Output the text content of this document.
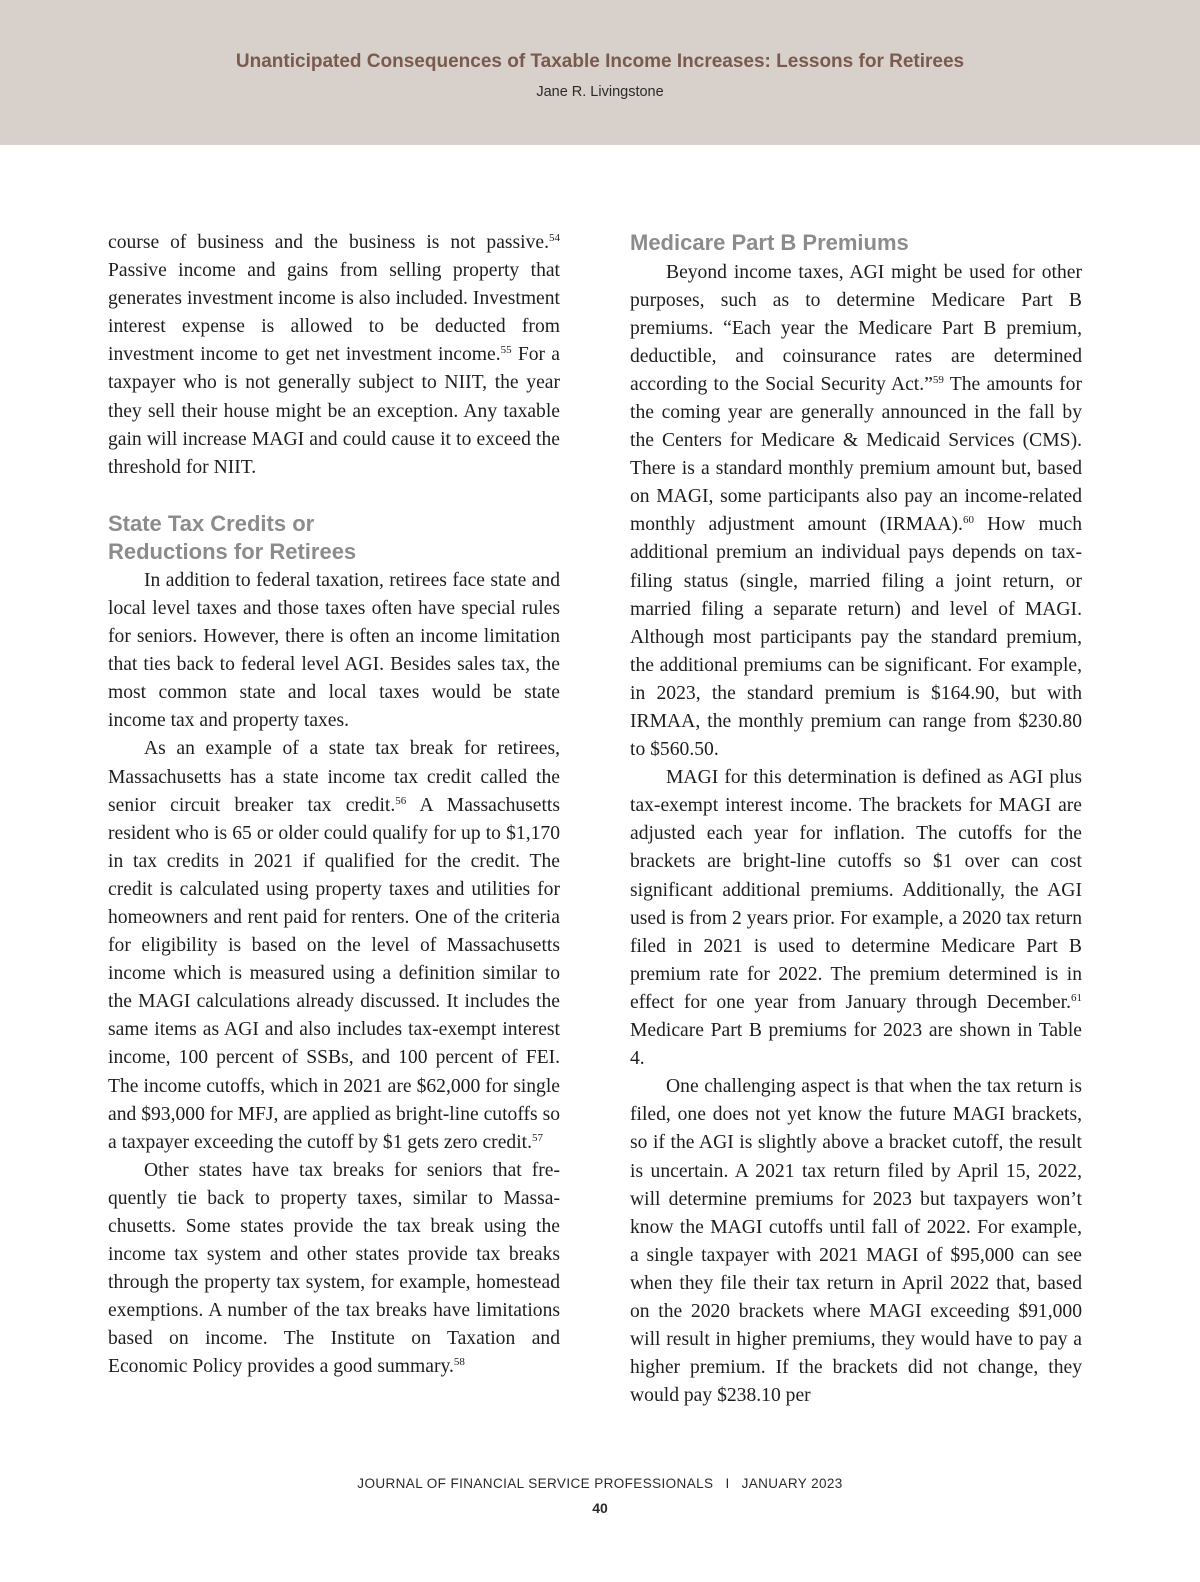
Unanticipated Consequences of Taxable Income Increases: Lessons for Retirees
Jane R. Livingstone

course of business and the business is not passive.$^{54}$ Passive income and gains from selling property that generates investment income is also included. Investment interest expense is allowed to be deducted from investment income to get net investment income.$^{55}$ For a taxpayer who is not generally subject to NIIT, the year they sell their house might be an exception. Any taxable gain will increase MAGI and could cause it to exceed the threshold for NIIT.

State Tax Credits or
Reductions for Retirees

In addition to federal taxation, retirees face state and local level taxes and those taxes often have special rules for seniors. However, there is often an income limitation that ties back to federal level AGI. Besides sales tax, the most common state and local taxes would be state income tax and property taxes.

As an example of a state tax break for retirees, Massachusetts has a state income tax credit called the senior circuit breaker tax credit.$^{56}$ A Massachusetts resident who is 65 or older could qualify for up to $1,170 in tax credits in 2021 if qualified for the credit. The credit is calculated using property taxes and utilities for homeowners and rent paid for renters. One of the criteria for eligibility is based on the level of Massachusetts income which is measured using a definition similar to the MAGI calculations already discussed. It includes the same items as AGI and also includes tax-exempt interest income, 100 percent of SSBs, and 100 percent of FEI. The income cutoffs, which in 2021 are $62,000 for single and $93,000 for MFJ, are applied as bright-line cutoffs so a taxpayer exceeding the cutoff by $1 gets zero credit.$^{57}$

Other states have tax breaks for seniors that frequently tie back to property taxes, similar to Massachusetts. Some states provide the tax break using the income tax system and other states provide tax breaks through the property tax system, for example, homestead exemptions. A number of the tax breaks have limitations based on income. The Institute on Taxation and Economic Policy provides a good summary.$^{58}$

Medicare Part B Premiums

Beyond income taxes, AGI might be used for other purposes, such as to determine Medicare Part B premiums. “Each year the Medicare Part B premium, deductible, and coinsurance rates are determined according to the Social Security Act.”$^{59}$ The amounts for the coming year are generally announced in the fall by the Centers for Medicare & Medicaid Services (CMS). There is a standard monthly premium amount but, based on MAGI, some participants also pay an income-related monthly adjustment amount (IRMAA).$^{60}$ How much additional premium an individual pays depends on tax-filing status (single, married filing a joint return, or married filing a separate return) and level of MAGI. Although most participants pay the standard premium, the additional premiums can be significant. For example, in 2023, the standard premium is $164.90, but with IRMAA, the monthly premium can range from $230.80 to $560.50.

MAGI for this determination is defined as AGI plus tax-exempt interest income. The brackets for MAGI are adjusted each year for inflation. The cutoffs for the brackets are bright-line cutoffs so $1 over can cost significant additional premiums. Additionally, the AGI used is from 2 years prior. For example, a 2020 tax return filed in 2021 is used to determine Medicare Part B premium rate for 2022. The premium determined is in effect for one year from January through December.$^{61}$ Medicare Part B premiums for 2023 are shown in Table 4.

One challenging aspect is that when the tax return is filed, one does not yet know the future MAGI brackets, so if the AGI is slightly above a bracket cutoff, the result is uncertain. A 2021 tax return filed by April 15, 2022, will determine premiums for 2023 but taxpayers won’t know the MAGI cutoffs until fall of 2022. For example, a single taxpayer with 2021 MAGI of $95,000 can see when they file their tax return in April 2022 that, based on the 2020 brackets where MAGI exceeding $91,000 will result in higher premiums, they would have to pay a higher premium. If the brackets did not change, they would pay $238.10 per

JOURNAL OF FINANCIAL SERVICE PROFESSIONALS I JANUARY 2023
40
